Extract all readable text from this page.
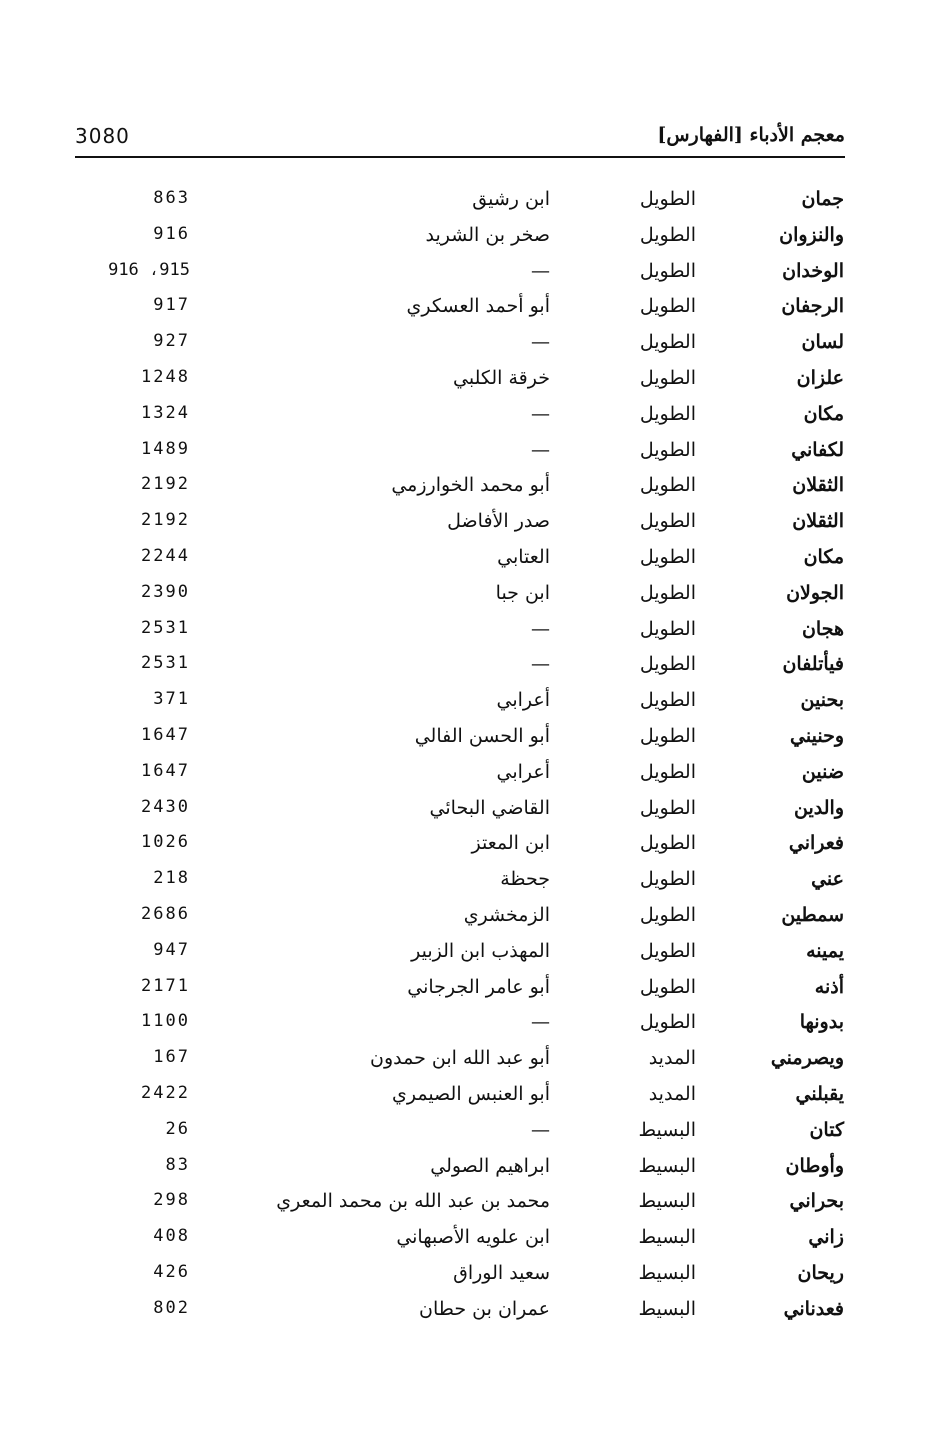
معجم الأدباء [الفهارس]
3080
جمان
الطويل
ابن رشيق
863
والنزوان
الطويل
صخر بن الشريد
916
الوخدان
الطويل
—
915، 916
الرجفان
الطويل
أبو أحمد العسكري
917
لسان
الطويل
—
927
علزان
الطويل
خرقة الكلبي
1248
مكان
الطويل
—
1324
لكفاني
الطويل
—
1489
الثقلان
الطويل
أبو محمد الخوارزمي
2192
الثقلان
الطويل
صدر الأفاضل
2192
مكان
الطويل
العتابي
2244
الجولان
الطويل
ابن جبا
2390
هجان
الطويل
—
2531
فيأتلفان
الطويل
—
2531
بحنين
الطويل
أعرابي
371
وحنيني
الطويل
أبو الحسن الفالي
1647
ضنين
الطويل
أعرابي
1647
والدين
الطويل
القاضي البحائي
2430
فعراني
الطويل
ابن المعتز
1026
عني
الطويل
جحظة
218
سمطين
الطويل
الزمخشري
2686
يمينه
الطويل
المهذب ابن الزبير
947
أذنه
الطويل
أبو عامر الجرجاني
2171
بدونها
الطويل
—
1100
ويصرمني
المديد
أبو عبد الله ابن حمدون
167
يقبلني
المديد
أبو العنبس الصيمري
2422
كتان
البسيط
—
26
وأوطان
البسيط
ابراهيم الصولي
83
بحراني
البسيط
محمد بن عبد الله بن محمد المعري
298
زاني
البسيط
ابن علويه الأصبهاني
408
ريحان
البسيط
سعيد الوراق
426
فعدناني
البسيط
عمران بن حطان
802
